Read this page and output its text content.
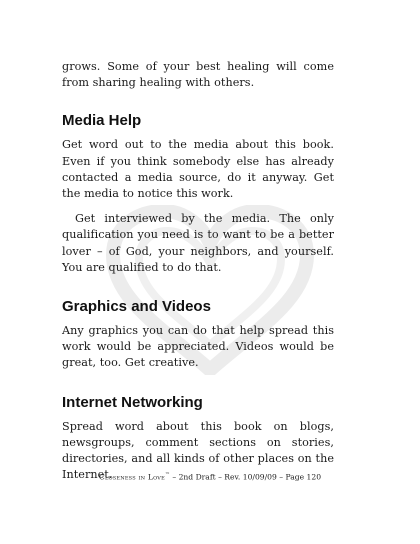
grows. Some of your best healing will come from sharing healing with others.

Media Help

Get word out to the media about this book. Even if you think somebody else has already contacted a media source, do it anyway. Get the media to notice this work.

Get interviewed by the media. The only qualification you need is to want to be a better lover – of God, your neighbors, and yourself. You are qualified to do that.

Graphics and Videos

Any graphics you can do that help spread this work would be appreciated. Videos would be great, too. Get creative.

Internet Networking

Spread word about this book on blogs, newsgroups, comment sections on stories, directories, and all kinds of other places on the Internet.

Closeness in Love™ – 2nd Draft – Rev. 10/09/09 – Page 120
